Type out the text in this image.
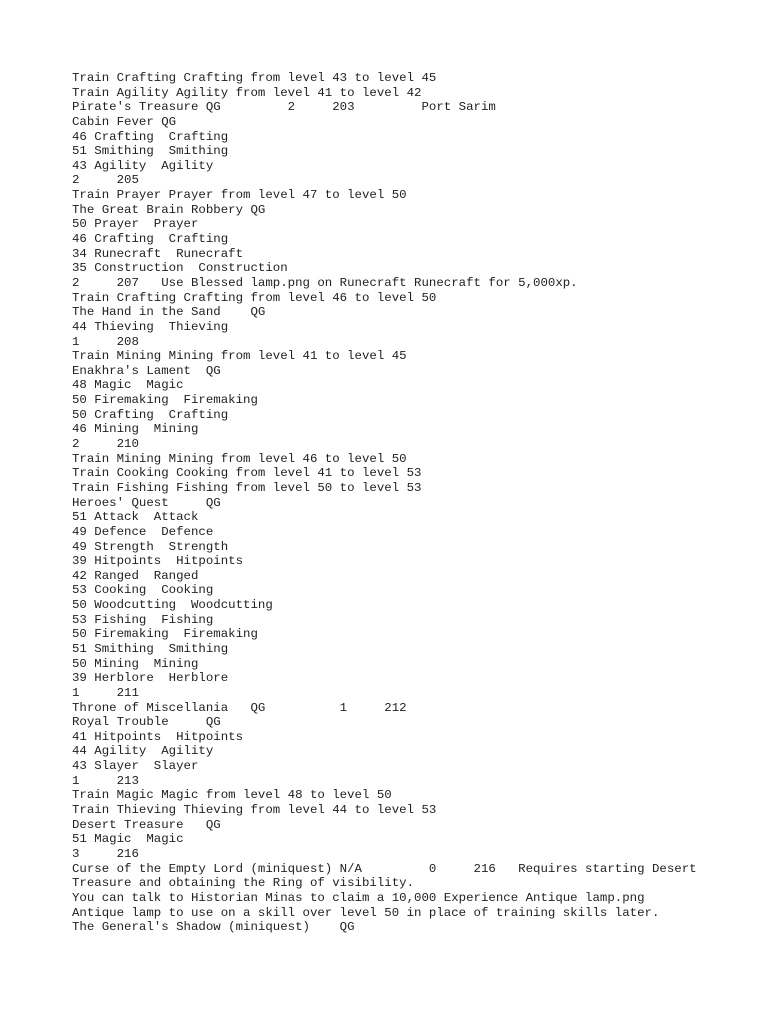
Train Crafting Crafting from level 43 to level 45
Train Agility Agility from level 41 to level 42
Pirate's Treasure QG         2     203         Port Sarim
Cabin Fever QG
46 Crafting  Crafting
51 Smithing  Smithing
43 Agility  Agility
2     205
Train Prayer Prayer from level 47 to level 50
The Great Brain Robbery QG
50 Prayer  Prayer
46 Crafting  Crafting
34 Runecraft  Runecraft
35 Construction  Construction
2     207   Use Blessed lamp.png on Runecraft Runecraft for 5,000xp.
Train Crafting Crafting from level 46 to level 50
The Hand in the Sand    QG
44 Thieving  Thieving
1     208
Train Mining Mining from level 41 to level 45
Enakhra's Lament  QG
48 Magic  Magic
50 Firemaking  Firemaking
50 Crafting  Crafting
46 Mining  Mining
2     210
Train Mining Mining from level 46 to level 50
Train Cooking Cooking from level 41 to level 53
Train Fishing Fishing from level 50 to level 53
Heroes' Quest     QG
51 Attack  Attack
49 Defence  Defence
49 Strength  Strength
39 Hitpoints  Hitpoints
42 Ranged  Ranged
53 Cooking  Cooking
50 Woodcutting  Woodcutting
53 Fishing  Fishing
50 Firemaking  Firemaking
51 Smithing  Smithing
50 Mining  Mining
39 Herblore  Herblore
1     211
Throne of Miscellania   QG          1     212
Royal Trouble     QG
41 Hitpoints  Hitpoints
44 Agility  Agility
43 Slayer  Slayer
1     213
Train Magic Magic from level 48 to level 50
Train Thieving Thieving from level 44 to level 53
Desert Treasure   QG
51 Magic  Magic
3     216
Curse of the Empty Lord (miniquest) N/A         0     216   Requires starting Desert
Treasure and obtaining the Ring of visibility.
You can talk to Historian Minas to claim a 10,000 Experience Antique lamp.png
Antique lamp to use on a skill over level 50 in place of training skills later.
The General's Shadow (miniquest)    QG
